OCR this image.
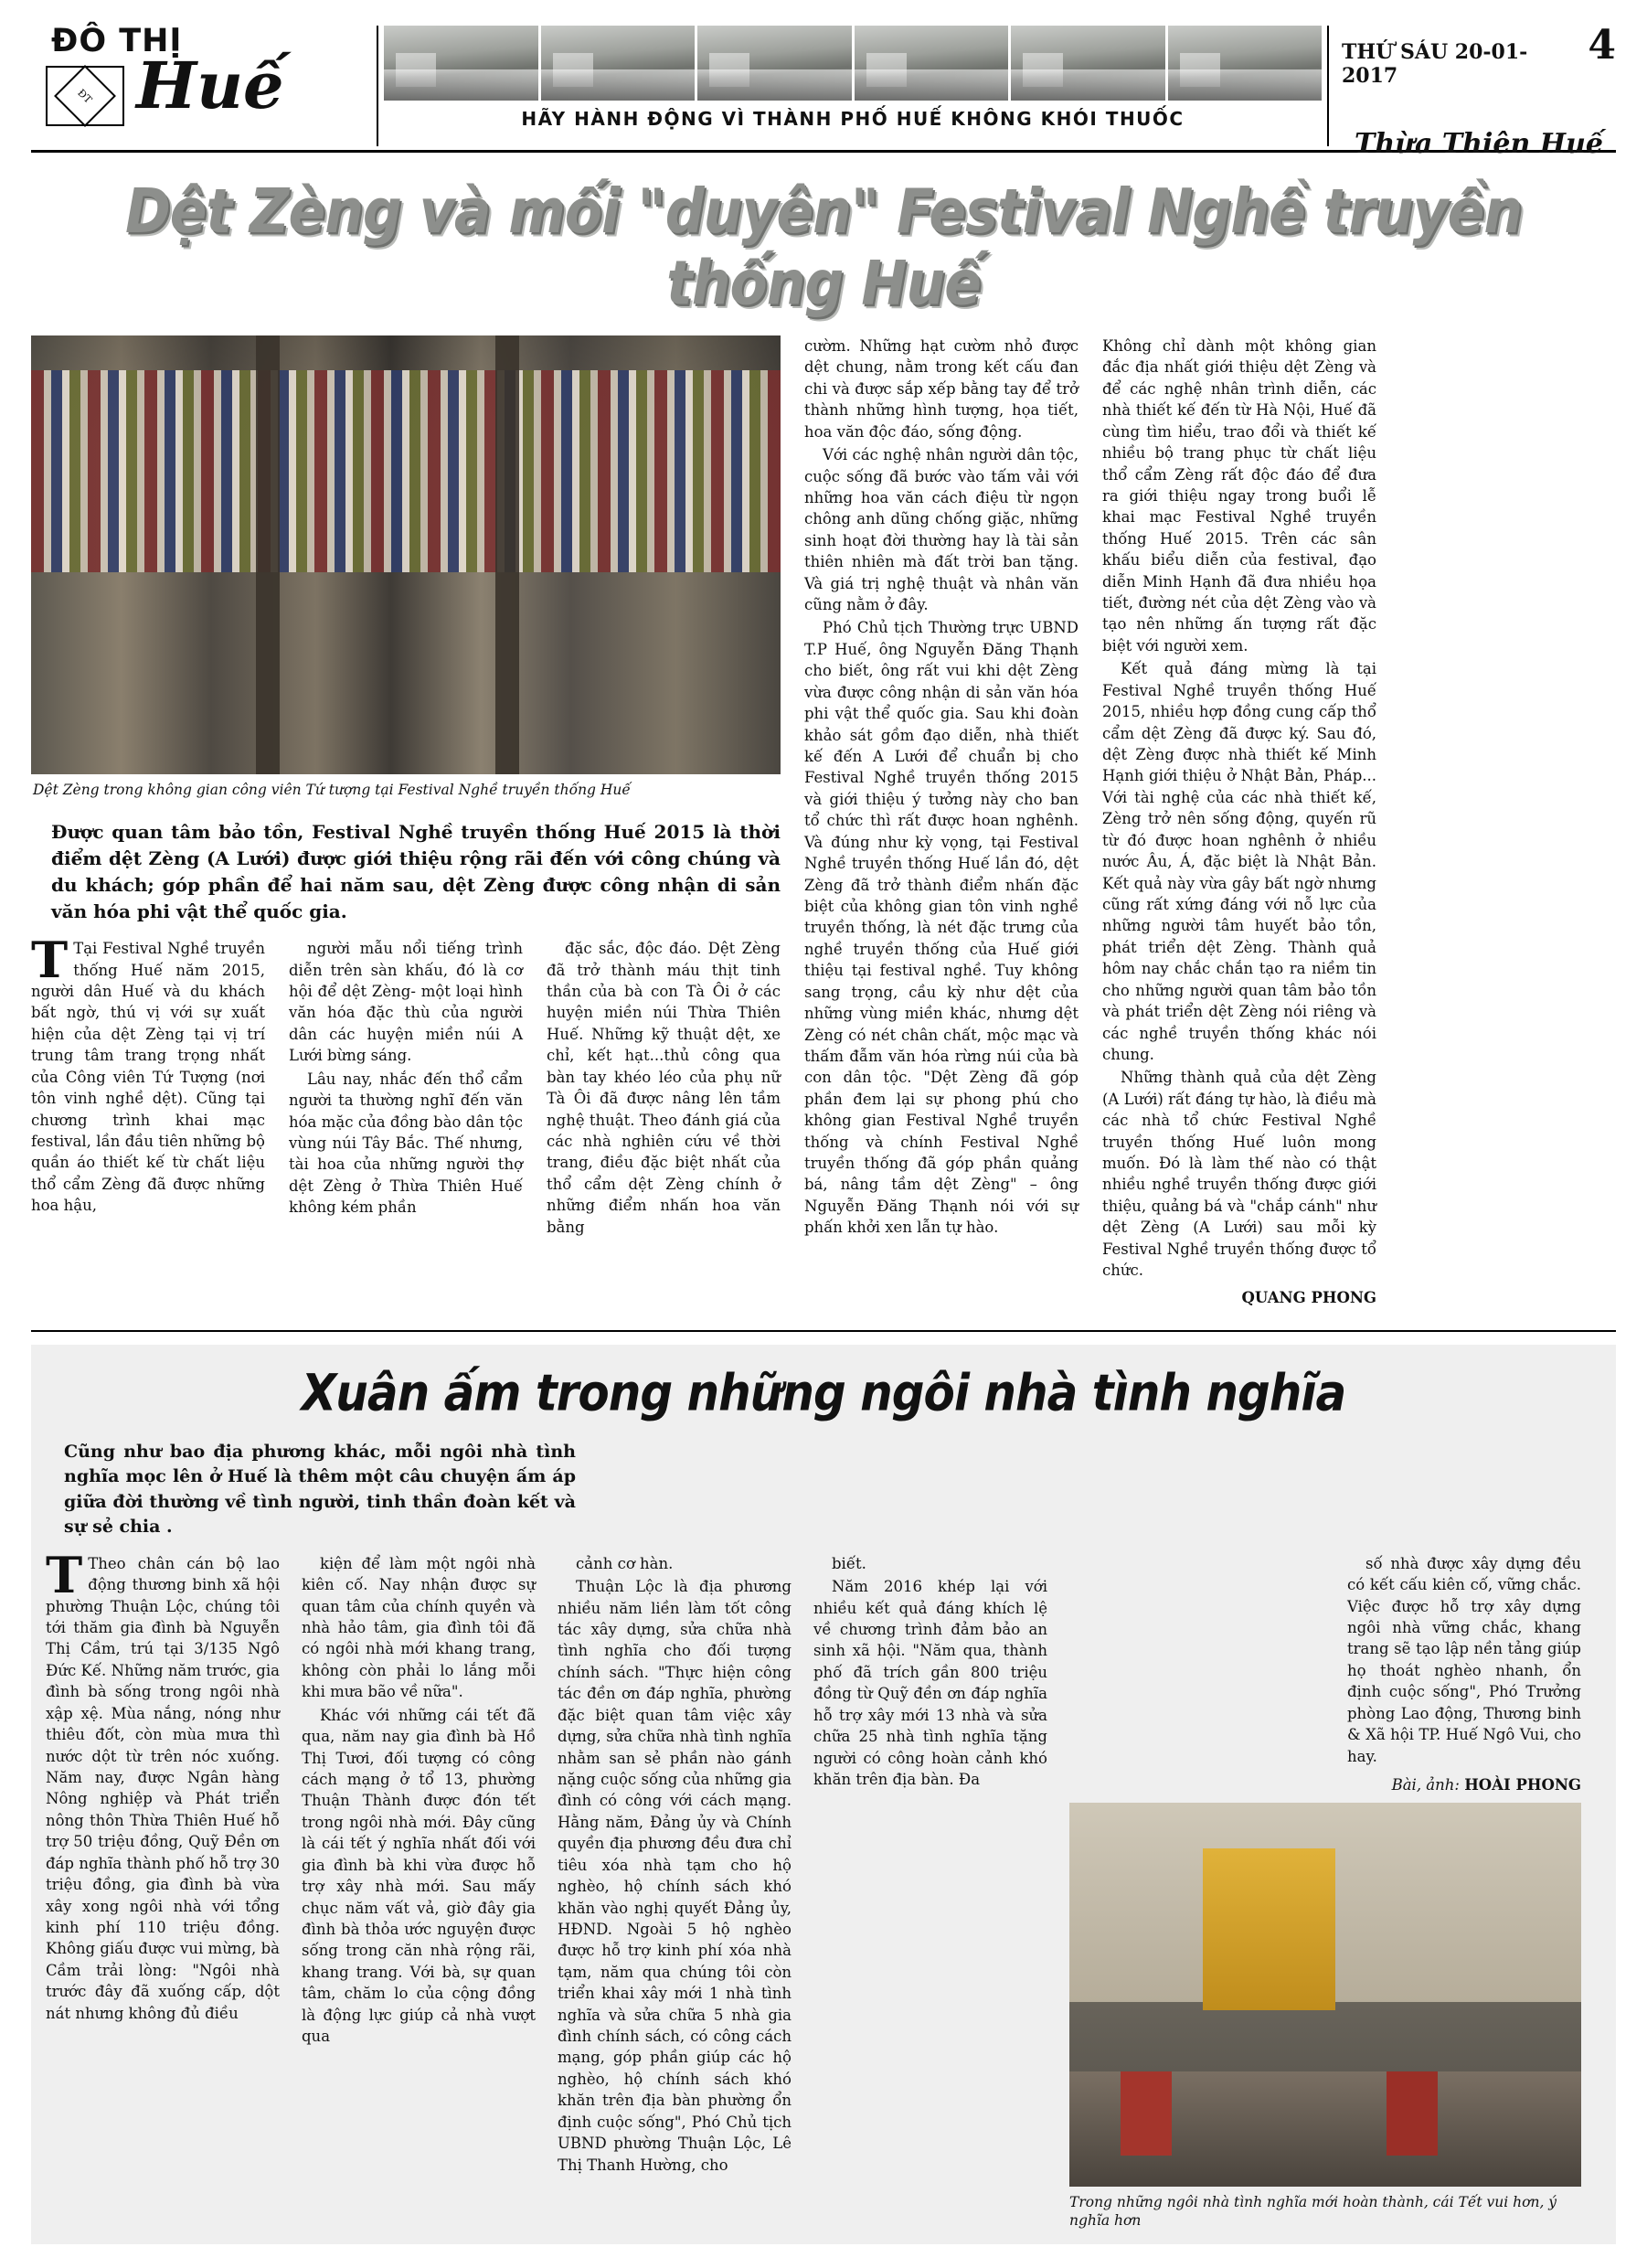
ĐÔ THỊ
Huế
ĐT
HÃY HÀNH ĐỘNG VÌ THÀNH PHỐ HUẾ KHÔNG KHÓI THUỐC
THỨ SÁU 20-01-2017
4
Thừa Thiên Huế
Dệt Zèng và mối "duyên" Festival Nghề truyền thống Huế
Dệt Zèng trong không gian công viên Tứ tượng tại Festival Nghề truyền thống Huế
Được quan tâm bảo tồn, Festival Nghề truyền thống Huế 2015 là thời điểm dệt Zèng (A Lưới) được giới thiệu rộng rãi đến với công chúng và du khách; góp phần để hai năm sau, dệt Zèng được công nhận di sản văn hóa phi vật thể quốc gia.

T Tại Festival Nghề truyền thống Huế năm 2015, người dân Huế và du khách bất ngờ, thú vị với sự xuất hiện của dệt Zèng tại vị trí trung tâm trang trọng nhất của Công viên Tứ Tượng (nơi tôn vinh nghề dệt). Cũng tại chương trình khai mạc festival, lần đầu tiên những bộ quần áo thiết kế từ chất liệu thổ cẩm Zèng đã được những hoa hậu,

người mẫu nổi tiếng trình diễn trên sàn khấu, đó là cơ hội để dệt Zèng- một loại hình văn hóa đặc thù của người dân các huyện miền núi A Lưới bừng sáng.

Lâu nay, nhắc đến thổ cẩm người ta thường nghĩ đến văn hóa mặc của đồng bào dân tộc vùng núi Tây Bắc. Thế nhưng, tài hoa của những người thợ dệt Zèng ở Thừa Thiên Huế không kém phần

đặc sắc, độc đáo. Dệt Zèng đã trở thành máu thịt tinh thần của bà con Tà Ôi ở các huyện miền núi Thừa Thiên Huế. Những kỹ thuật dệt, xe chỉ, kết hạt...thủ công qua bàn tay khéo léo của phụ nữ Tà Ôi đã được nâng lên tầm nghệ thuật. Theo đánh giá của các nhà nghiên cứu về thời trang, điều đặc biệt nhất của thổ cẩm dệt Zèng chính ở những điểm nhấn hoa văn bằng

cườm. Những hạt cườm nhỏ được dệt chung, nằm trong kết cấu đan chi và được sắp xếp bằng tay để trở thành những hình tượng, họa tiết, hoa văn độc đáo, sống động.

Với các nghệ nhân người dân tộc, cuộc sống đã bước vào tấm vải với những hoa văn cách điệu từ ngọn chông anh dũng chống giặc, những sinh hoạt đời thường hay là tài sản thiên nhiên mà đất trời ban tặng. Và giá trị nghệ thuật và nhân văn cũng nằm ở đây.

Phó Chủ tịch Thường trực UBND T.P Huế, ông Nguyễn Đăng Thạnh cho biết, ông rất vui khi dệt Zèng vừa được công nhận di sản văn hóa phi vật thể quốc gia. Sau khi đoàn khảo sát gồm đạo diễn, nhà thiết kế đến A Lưới để chuẩn bị cho Festival Nghề truyền thống 2015 và giới thiệu ý tưởng này cho ban tổ chức thì rất được hoan nghênh. Và đúng như kỳ vọng, tại Festival Nghề truyền thống Huế lần đó, dệt Zèng đã trở thành điểm nhấn đặc biệt của không gian tôn vinh nghề truyền thống, là nét đặc trưng của nghề truyền thống của Huế giới thiệu tại festival nghề. Tuy không sang trọng, cầu kỳ như dệt của những vùng miền khác, nhưng dệt Zèng có nét chân chất, mộc mạc và thấm đẫm văn hóa rừng núi của bà con dân tộc. "Dệt Zèng đã góp phần đem lại sự phong phú cho không gian Festival Nghề truyền thống và chính Festival Nghề truyền thống đã góp phần quảng bá, nâng tầm dệt Zèng" – ông Nguyễn Đăng Thạnh nói với sự phấn khởi xen lẫn tự hào.

Không chỉ dành một không gian đắc địa nhất giới thiệu dệt Zèng và để các nghệ nhân trình diễn, các nhà thiết kế đến từ Hà Nội, Huế đã cùng tìm hiểu, trao đổi và thiết kế nhiều bộ trang phục từ chất liệu thổ cẩm Zèng rất độc đáo để đưa ra giới thiệu ngay trong buổi lễ khai mạc Festival Nghề truyền thống Huế 2015. Trên các sân khấu biểu diễn của festival, đạo diễn Minh Hạnh đã đưa nhiều họa tiết, đường nét của dệt Zèng vào và tạo nên những ấn tượng rất đặc biệt với người xem.

Kết quả đáng mừng là tại Festival Nghề truyền thống Huế 2015, nhiều hợp đồng cung cấp thổ cẩm dệt Zèng đã được ký. Sau đó, dệt Zèng được nhà thiết kế Minh Hạnh giới thiệu ở Nhật Bản, Pháp... Với tài nghệ của các nhà thiết kế, Zèng trở nên sống động, quyến rũ từ đó được hoan nghênh ở nhiều nước Âu, Á, đặc biệt là Nhật Bản. Kết quả này vừa gây bất ngờ nhưng cũng rất xứng đáng với nỗ lực của những người tâm huyết bảo tồn, phát triển dệt Zèng. Thành quả hôm nay chắc chắn tạo ra niềm tin cho những người quan tâm bảo tồn và phát triển dệt Zèng nói riêng và các nghề truyền thống khác nói chung.

Những thành quả của dệt Zèng (A Lưới) rất đáng tự hào, là điều mà các nhà tổ chức Festival Nghề truyền thống Huế luôn mong muốn. Đó là làm thế nào có thật nhiều nghề truyền thống được giới thiệu, quảng bá và "chắp cánh" như dệt Zèng (A Lưới) sau mỗi kỳ Festival Nghề truyền thống được tổ chức.

QUANG PHONG
Xuân ấm trong những ngôi nhà tình nghĩa
Cũng như bao địa phương khác, mỗi ngôi nhà tình nghĩa mọc lên ở Huế là thêm một câu chuyện ấm áp giữa đời thường về tình người, tinh thần đoàn kết và sự sẻ chia .

T Theo chân cán bộ lao động thương binh xã hội phường Thuận Lộc, chúng tôi tới thăm gia đình bà Nguyễn Thị Cầm, trú tại 3/135 Ngô Đức Kế. Những năm trước, gia đình bà sống trong ngôi nhà xập xệ. Mùa nắng, nóng như thiêu đốt, còn mùa mưa thì nước dột từ trên nóc xuống. Năm nay, được Ngân hàng Nông nghiệp và Phát triển nông thôn Thừa Thiên Huế hỗ trợ 50 triệu đồng, Quỹ Đền ơn đáp nghĩa thành phố hỗ trợ 30 triệu đồng, gia đình bà vừa xây xong ngôi nhà với tổng kinh phí 110 triệu đồng. Không giấu được vui mừng, bà Cầm trải lòng: "Ngôi nhà trước đây đã xuống cấp, dột nát nhưng không đủ điều

kiện để làm một ngôi nhà kiên cố. Nay nhận được sự quan tâm của chính quyền và nhà hảo tâm, gia đình tôi đã có ngôi nhà mới khang trang, không còn phải lo lắng mỗi khi mưa bão về nữa".

Khác với những cái tết đã qua, năm nay gia đình bà Hồ Thị Tươi, đối tượng có công cách mạng ở tổ 13, phường Thuận Thành được đón tết trong ngôi nhà mới. Đây cũng là cái tết ý nghĩa nhất đối với gia đình bà khi vừa được hỗ trợ xây nhà mới. Sau mấy chục năm vất vả, giờ đây gia đình bà thỏa ước nguyện được sống trong căn nhà rộng rãi, khang trang. Với bà, sự quan tâm, chăm lo của cộng đồng là động lực giúp cả nhà vượt qua

cảnh cơ hàn.

Thuận Lộc là địa phương nhiều năm liền làm tốt công tác xây dựng, sửa chữa nhà tình nghĩa cho đối tượng chính sách. "Thực hiện công tác đền ơn đáp nghĩa, phường đặc biệt quan tâm việc xây dựng, sửa chữa nhà tình nghĩa nhằm san sẻ phần nào gánh nặng cuộc sống của những gia đình có công với cách mạng. Hằng năm, Đảng ủy và Chính quyền địa phương đều đưa chỉ tiêu xóa nhà tạm cho hộ nghèo, hộ chính sách khó khăn vào nghị quyết Đảng ủy, HĐND. Ngoài 5 hộ nghèo được hỗ trợ kinh phí xóa nhà tạm, năm qua chúng tôi còn triển khai xây mới 1 nhà tình nghĩa và sửa chữa 5 nhà gia đình chính sách, có công cách mạng, góp phần giúp các hộ nghèo, hộ chính sách khó khăn trên địa bàn phường ổn định cuộc sống", Phó Chủ tịch UBND phường Thuận Lộc, Lê Thị Thanh Hường, cho

biết.

Năm 2016 khép lại với nhiều kết quả đáng khích lệ về chương trình đảm bảo an sinh xã hội. "Năm qua, thành phố đã trích gần 800 triệu đồng từ Quỹ đền ơn đáp nghĩa hỗ trợ xây mới 13 nhà và sửa chữa 25 nhà tình nghĩa tặng người có công hoàn cảnh khó khăn trên địa bàn. Đa

số nhà được xây dựng đều có kết cấu kiên cố, vững chắc. Việc được hỗ trợ xây dựng ngôi nhà vững chắc, khang trang sẽ tạo lập nền tảng giúp họ thoát nghèo nhanh, ổn định cuộc sống", Phó Trưởng phòng Lao động, Thương binh & Xã hội TP. Huế Ngô Vui, cho hay.

Bài, ảnh: HOÀI PHONG
Trong những ngôi nhà tình nghĩa mới hoàn thành, cái Tết vui hơn, ý nghĩa hơn
